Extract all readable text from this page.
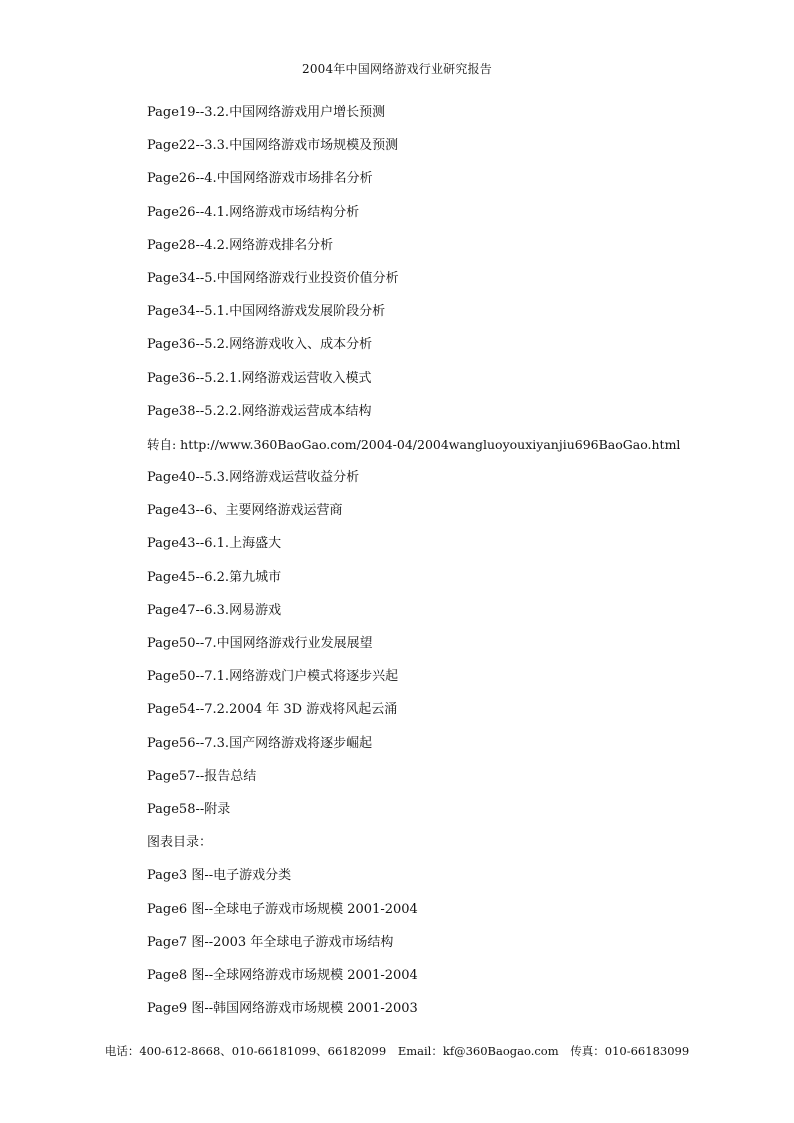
2004年中国网络游戏行业研究报告
Page19--3.2.中国网络游戏用户增长预测
Page22--3.3.中国网络游戏市场规模及预测
Page26--4.中国网络游戏市场排名分析
Page26--4.1.网络游戏市场结构分析
Page28--4.2.网络游戏排名分析
Page34--5.中国网络游戏行业投资价值分析
Page34--5.1.中国网络游戏发展阶段分析
Page36--5.2.网络游戏收入、成本分析
Page36--5.2.1.网络游戏运营收入模式
Page38--5.2.2.网络游戏运营成本结构
转自: http://www.360BaoGao.com/2004-04/2004wangluoyouxiyanjiu696BaoGao.html
Page40--5.3.网络游戏运营收益分析
Page43--6、主要网络游戏运营商
Page43--6.1.上海盛大
Page45--6.2.第九城市
Page47--6.3.网易游戏
Page50--7.中国网络游戏行业发展展望
Page50--7.1.网络游戏门户模式将逐步兴起
Page54--7.2.2004 年 3D 游戏将风起云涌
Page56--7.3.国产网络游戏将逐步崛起
Page57--报告总结
Page58--附录
图表目录：
Page3 图--电子游戏分类
Page6 图--全球电子游戏市场规模 2001-2004
Page7 图--2003 年全球电子游戏市场结构
Page8 图--全球网络游戏市场规模 2001-2004
Page9 图--韩国网络游戏市场规模 2001-2003
电话：400-612-8668、010-66181099、66182099 Email：kf@360Baogao.com 传真：010-66183099
